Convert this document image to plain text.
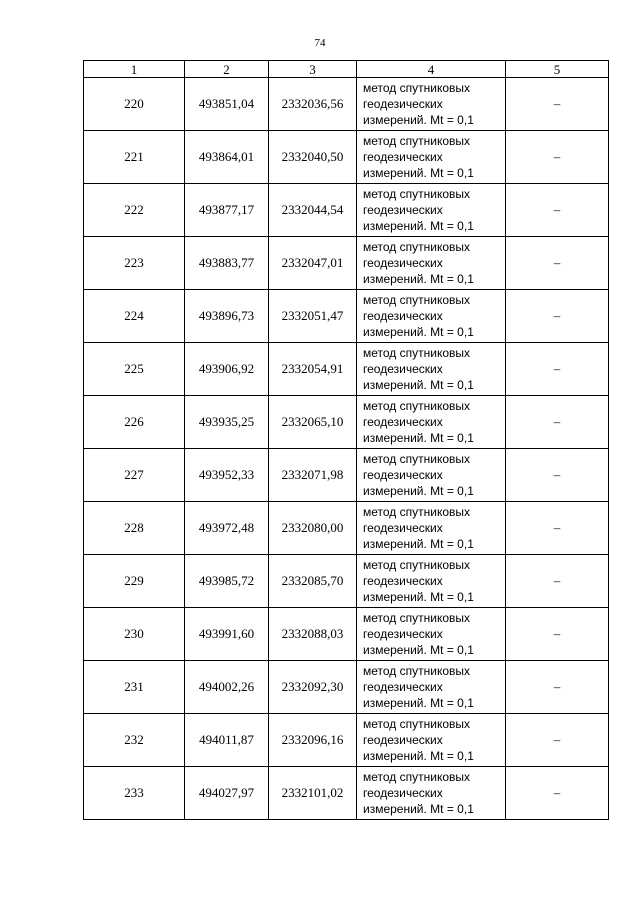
74
1	2	3	4	5
220	493851,04	2332036,56	метод спутниковых
геодезических
измерений. Mt = 0,1	–
221	493864,01	2332040,50	метод спутниковых
геодезических
измерений. Mt = 0,1	–
222	493877,17	2332044,54	метод спутниковых
геодезических
измерений. Mt = 0,1	–
223	493883,77	2332047,01	метод спутниковых
геодезических
измерений. Mt = 0,1	–
224	493896,73	2332051,47	метод спутниковых
геодезических
измерений. Mt = 0,1	–
225	493906,92	2332054,91	метод спутниковых
геодезических
измерений. Mt = 0,1	–
226	493935,25	2332065,10	метод спутниковых
геодезических
измерений. Mt = 0,1	–
227	493952,33	2332071,98	метод спутниковых
геодезических
измерений. Mt = 0,1	–
228	493972,48	2332080,00	метод спутниковых
геодезических
измерений. Mt = 0,1	–
229	493985,72	2332085,70	метод спутниковых
геодезических
измерений. Mt = 0,1	–
230	493991,60	2332088,03	метод спутниковых
геодезических
измерений. Mt = 0,1	–
231	494002,26	2332092,30	метод спутниковых
геодезических
измерений. Mt = 0,1	–
232	494011,87	2332096,16	метод спутниковых
геодезических
измерений. Mt = 0,1	–
233	494027,97	2332101,02	метод спутниковых
геодезических
измерений. Mt = 0,1	–
